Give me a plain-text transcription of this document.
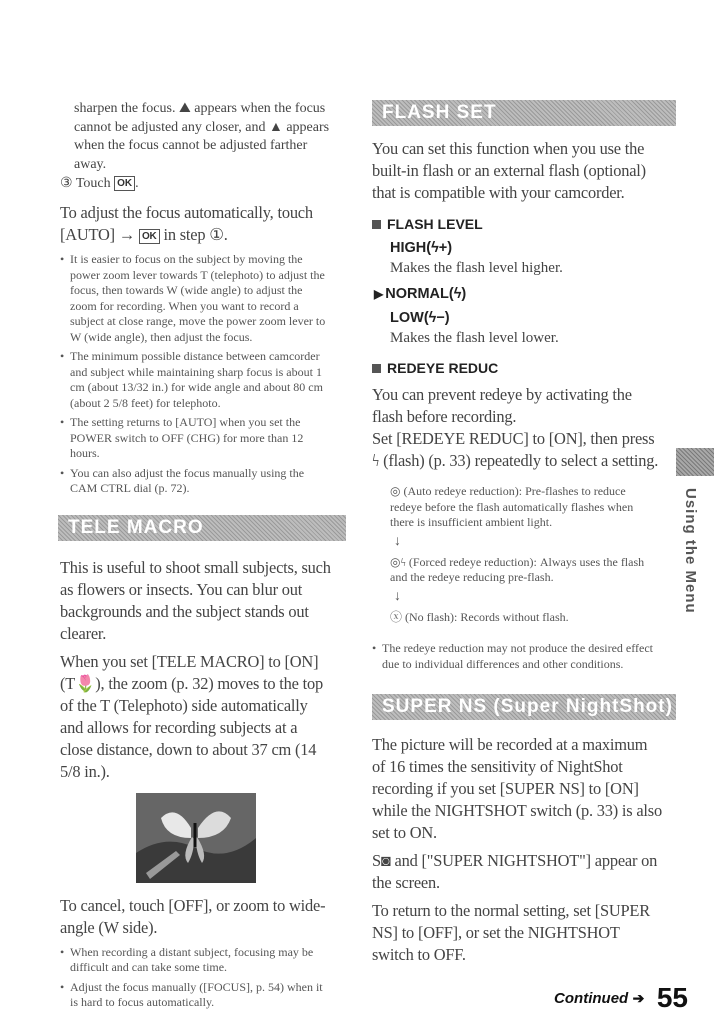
sharpen the focus. ⛰ appears when the focus cannot be adjusted any closer, and ▲ appears when the focus cannot be adjusted farther away.

③ Touch OK .

To adjust the focus automatically, touch [AUTO] → OK in step ①.

• It is easier to focus on the subject by moving the power zoom lever towards T (telephoto) to adjust the focus, then towards W (wide angle) to adjust the zoom for recording. When you want to record a subject at close range, move the power zoom lever to W (wide angle), then adjust the focus.
• The minimum possible distance between camcorder and subject while maintaining sharp focus is about 1 cm (about 13/32 in.) for wide angle and about 80 cm (about 2 5/8 feet) for telephoto.
• The setting returns to [AUTO] when you set the POWER switch to OFF (CHG) for more than 12 hours.
• You can also adjust the focus manually using the CAM CTRL dial (p. 72).
TELE MACRO

This is useful to shoot small subjects, such as flowers or insects. You can blur out backgrounds and the subject stands out clearer.

When you set [TELE MACRO] to [ON] (T🌷), the zoom (p. 32) moves to the top of the T (Telephoto) side automatically and allows for recording subjects at a close distance, down to about 37 cm (14 5/8 in.).

To cancel, touch [OFF], or zoom to wide-angle (W side).

• When recording a distant subject, focusing may be difficult and can take some time.
• Adjust the focus manually ([FOCUS], p. 54) when it is hard to focus automatically.
FLASH SET

You can set this function when you use the built-in flash or an external flash (optional) that is compatible with your camcorder.

FLASH LEVEL
HIGH(ϟ+)
Makes the flash level higher.
▶ NORMAL(ϟ)
LOW(ϟ−)
Makes the flash level lower.
REDEYE REDUC

You can prevent redeye by activating the flash before recording.

Set [REDEYE REDUC] to [ON], then press ϟ (flash) (p. 33) repeatedly to select a setting.

◎ (Auto redeye reduction): Pre-flashes to reduce redeye before the flash automatically flashes when there is insufficient ambient light.
↓
◎ϟ (Forced redeye reduction): Always uses the flash and the redeye reducing pre-flash.
↓
ⓧ (No flash): Records without flash.
• The redeye reduction may not produce the desired effect due to individual differences and other conditions.
SUPER NS (Super NightShot)

The picture will be recorded at a maximum of 16 times the sensitivity of NightShot recording if you set [SUPER NS] to [ON] while the NIGHTSHOT switch (p. 33) is also set to ON.

S◙ and ["SUPER NIGHTSHOT"] appear on the screen.

To return to the normal setting, set [SUPER NS] to [OFF], or set the NIGHTSHOT switch to OFF.

Using the Menu
Continued ➔ 55
